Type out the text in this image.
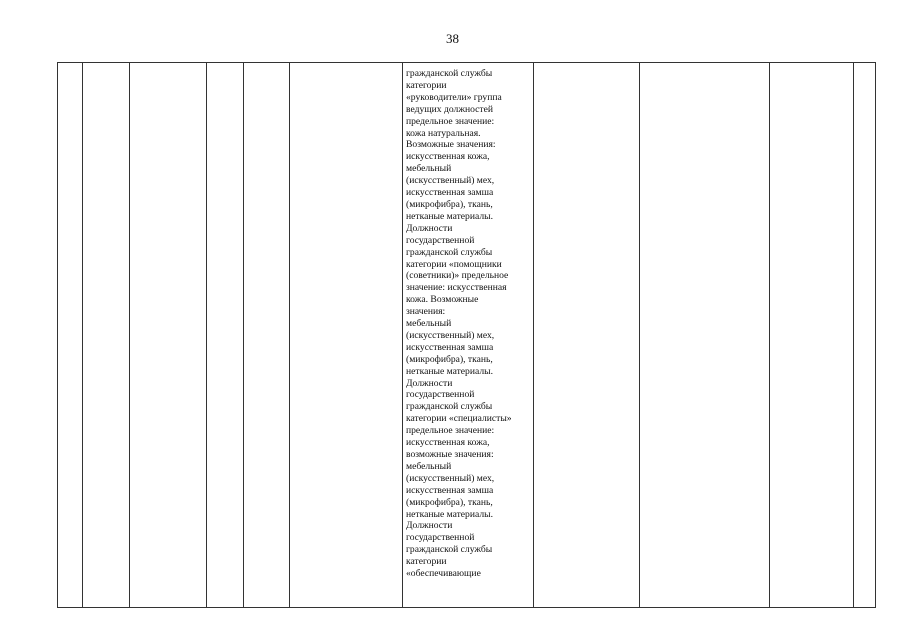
38
гражданской службы
категории
«руководители» группа
ведущих должностей
предельное значение:
кожа натуральная.
Возможные значения:
искусственная кожа,
мебельный
(искусственный) мех,
искусственная замша
(микрофибра), ткань,
нетканые материалы.
Должности
государственной
гражданской службы
категории «помощники
(советники)» предельное
значение: искусственная
кожа. Возможные
значения:
мебельный
(искусственный) мех,
искусственная замша
(микрофибра), ткань,
нетканые материалы.
Должности
государственной
гражданской службы
категории «специалисты»
предельное значение:
искусственная кожа,
возможные значения:
мебельный
(искусственный) мех,
искусственная замша
(микрофибра), ткань,
нетканые материалы.
Должности
государственной
гражданской службы
категории
«обеспечивающие
